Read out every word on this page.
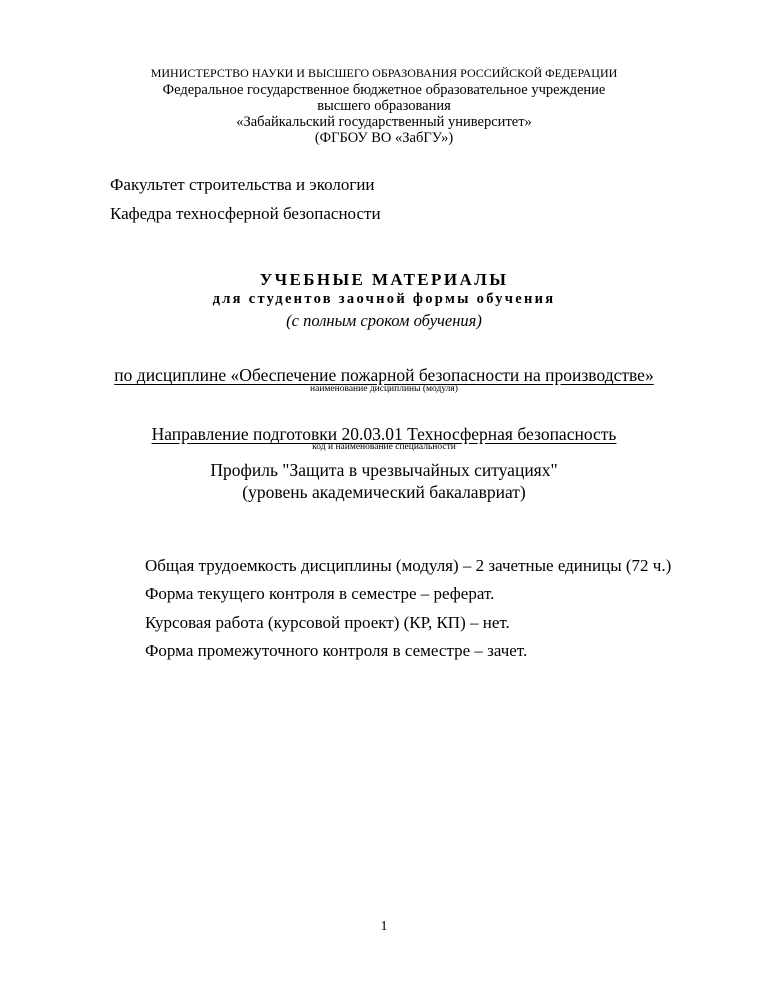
МИНИСТЕРСТВО НАУКИ И ВЫСШЕГО ОБРАЗОВАНИЯ РОССИЙСКОЙ ФЕДЕРАЦИИ
Федеральное государственное бюджетное образовательное учреждение
высшего образования
«Забайкальский государственный университет»
(ФГБОУ ВО «ЗабГУ»)
Факультет строительства и экологии
Кафедра техносферной безопасности
УЧЕБНЫЕ МАТЕРИАЛЫ
для студентов заочной формы обучения
(с полным сроком обучения)
по дисциплине «Обеспечение пожарной безопасности на производстве»
наименование дисциплины (модуля)
Направление подготовки 20.03.01 Техносферная безопасность
код и наименование специальности
Профиль "Защита в чрезвычайных ситуациях"
(уровень академический бакалавриат)
Общая трудоемкость дисциплины (модуля) – 2 зачетные единицы (72 ч.)
Форма текущего контроля в семестре – реферат.
Курсовая работа (курсовой проект) (КР, КП) – нет.
Форма промежуточного контроля в семестре – зачет.
1
